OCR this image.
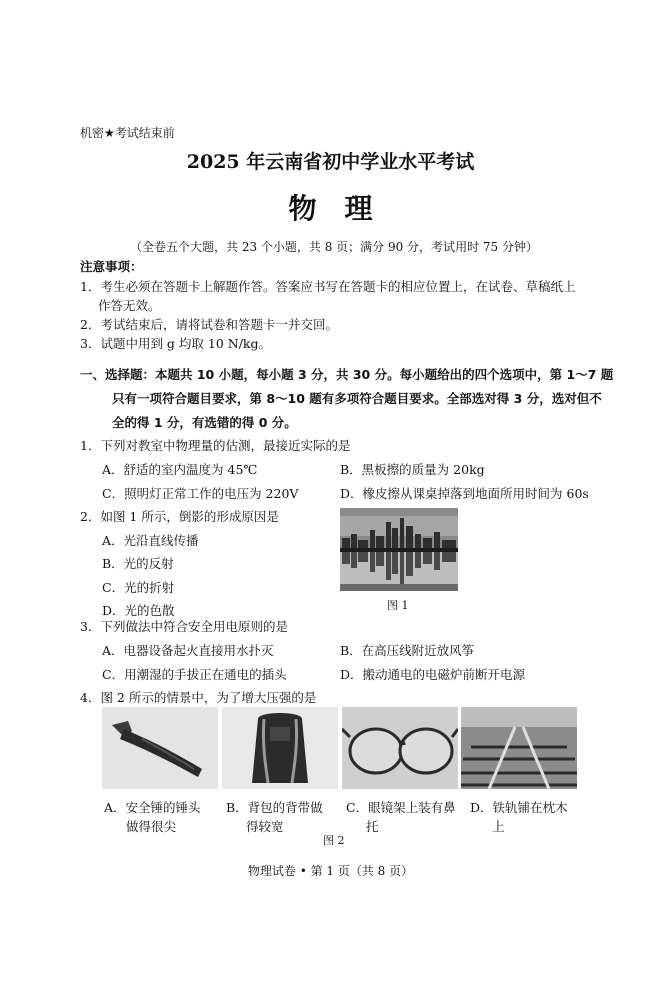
机密★考试结束前
2025 年云南省初中学业水平考试
物理
（全卷五个大题，共 23 个小题，共 8 页；满分 90 分，考试用时 75 分钟）
注意事项：
1．考生必须在答题卡上解题作答。答案应书写在答题卡的相应位置上，在试卷、草稿纸上
作答无效。
2．考试结束后，请将试卷和答题卡一并交回。
3．试题中用到 g 均取 10 N/kg。
一、选择题：本题共 10 小题，每小题 3 分，共 30 分。每小题给出的四个选项中，第 1～7 题
只有一项符合题目要求，第 8～10 题有多项符合题目要求。全部选对得 3 分，选对但不
全的得 1 分，有选错的得 0 分。
1．下列对教室中物理量的估测，最接近实际的是
A．舒适的室内温度为 45℃	B．黑板擦的质量为 20kg
C．照明灯正常工作的电压为 220V	D．橡皮擦从课桌掉落到地面所用时间为 60s
2．如图 1 所示，倒影的形成原因是
A．光沿直线传播
B．光的反射
C．光的折射
D．光的色散	图 1
3．下列做法中符合安全用电原则的是
A．电器设备起火直接用水扑灭	B．在高压线附近放风筝
C．用潮湿的手拔正在通电的插头	D．搬动通电的电磁炉前断开电源
4．图 2 所示的情景中，为了增大压强的是
A．安全锤的锤头
做得很尖
B．背包的背带做
得较宽
C．眼镜架上装有鼻
托
D．铁轨铺在枕木
上
图 2
物理试卷 • 第 1 页（共 8 页）
